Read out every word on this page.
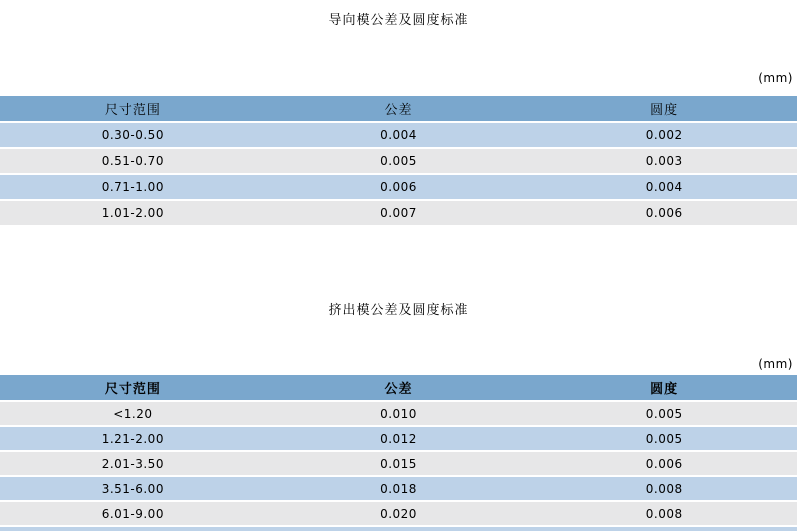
导向模公差及圆度标准
(mm)
尺寸范围	公差	圆度
0.30-0.50	0.004	0.002
0.51-0.70	0.005	0.003
0.71-1.00	0.006	0.004
1.01-2.00	0.007	0.006
挤出模公差及圆度标准
(mm)
尺寸范围	公差	圆度
<1.20	0.010	0.005
1.21-2.00	0.012	0.005
2.01-3.50	0.015	0.006
3.51-6.00	0.018	0.008
6.01-9.00	0.020	0.008
